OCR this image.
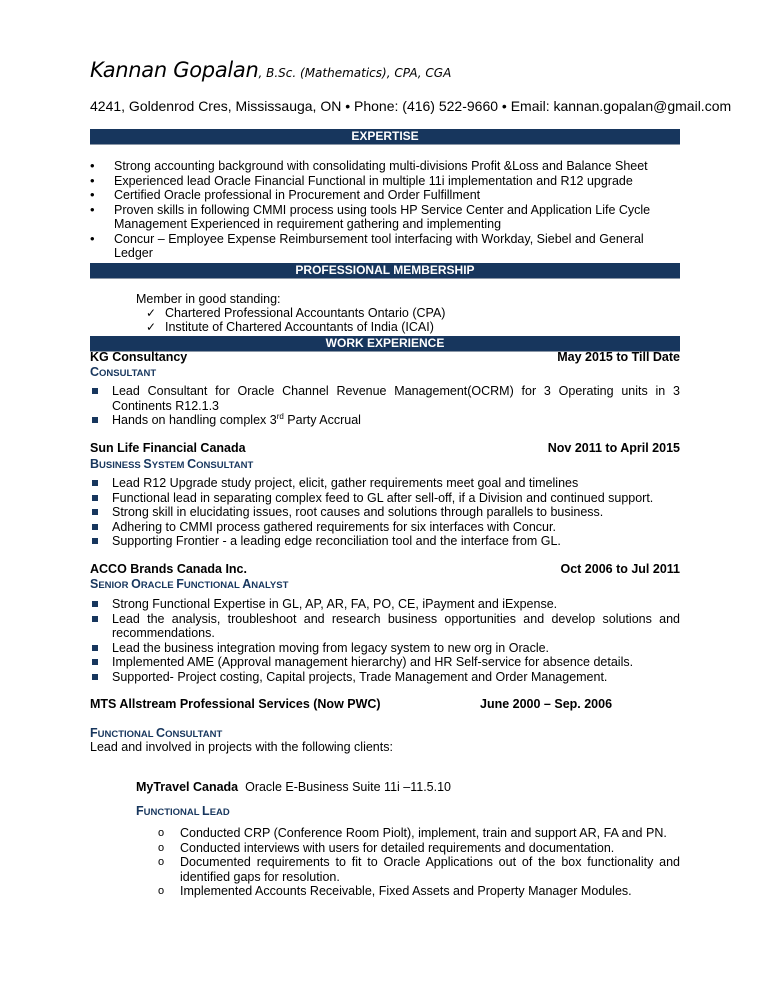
Kannan Gopalan, B.Sc. (Mathematics), CPA, CGA
4241, Goldenrod Cres, Mississauga, ON • Phone: (416) 522-9660 • Email: kannan.gopalan@gmail.com
EXPERTISE
• Strong accounting background with consolidating multi-divisions Profit &Loss and Balance Sheet
• Experienced lead Oracle Financial Functional in multiple 11i implementation and R12 upgrade
• Certified Oracle professional in Procurement and Order Fulfillment
• Proven skills in following CMMI process using tools HP Service Center and Application Life Cycle Management Experienced in requirement gathering and implementing
• Concur – Employee Expense Reimbursement tool interfacing with Workday, Siebel and General Ledger
PROFESSIONAL MEMBERSHIP
Member in good standing:
✓ Chartered Professional Accountants Ontario (CPA)
✓ Institute of Chartered Accountants of India (ICAI)
WORK EXPERIENCE
KG Consultancy	May 2015 to Till Date
CONSULTANT
Lead Consultant for Oracle Channel Revenue Management(OCRM) for 3 Operating units in 3 Continents R12.1.3
Hands on handling complex 3rd Party Accrual
Sun Life Financial Canada	Nov 2011 to April 2015
BUSINESS SYSTEM CONSULTANT
Lead R12 Upgrade study project, elicit, gather requirements meet goal and timelines
Functional lead in separating complex feed to GL after sell-off, if a Division and continued support.
Strong skill in elucidating issues, root causes and solutions through parallels to business.
Adhering to CMMI process gathered requirements for six interfaces with Concur.
Supporting Frontier - a leading edge reconciliation tool and the interface from GL.
ACCO Brands Canada Inc.	Oct 2006 to Jul 2011
SENIOR ORACLE FUNCTIONAL ANALYST
Strong Functional Expertise in GL, AP, AR, FA, PO, CE, iPayment and iExpense.
Lead the analysis, troubleshoot and research business opportunities and develop solutions and recommendations.
Lead the business integration moving from legacy system to new org in Oracle.
Implemented AME (Approval management hierarchy) and HR Self-service for absence details.
Supported- Project costing, Capital projects, Trade Management and Order Management.
MTS Allstream Professional Services (Now PWC)	June 2000 – Sep. 2006
FUNCTIONAL CONSULTANT
Lead and involved in projects with the following clients:
MyTravel Canada Oracle E-Business Suite 11i –11.5.10
FUNCTIONAL LEAD
o Conducted CRP (Conference Room Piolt), implement, train and support AR, FA and PN.
o Conducted interviews with users for detailed requirements and documentation.
o Documented requirements to fit to Oracle Applications out of the box functionality and identified gaps for resolution.
o Implemented Accounts Receivable, Fixed Assets and Property Manager Modules.
